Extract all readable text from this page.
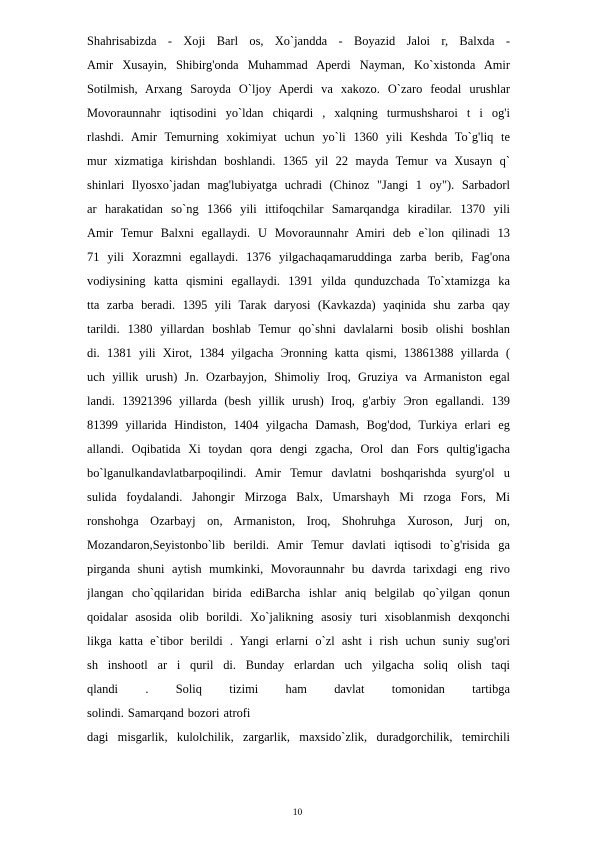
Shahrisabizda - Xoji Barl os, Xo`jandda - Boyazid Jaloi r, Balxda -
Amir Xusayin, Shibirg'onda Muhammad Aperdi Nayman, Ko`xistonda Amir
Sotilmish, Arxang Saroyda O`ljoy Aperdi va xakozo. O`zaro feodal urushlar
Movoraunnahr iqtisodini yo`ldan chiqardi , xalqning turmushsharoi t i og'i
rlashdi. Amir Temurning xokimiyat uchun yo`li 1360 yili Keshda To`g'liq te
mur xizmatiga kirishdan boshlandi. 1365 yil 22 mayda Temur va Xusayn q`
shinlari Ilyosxo`jadan mag'lubiyatga uchradi (Chinoz "Jangi 1 oy"). Sarbadorl
ar harakatidan so`ng 1366 yili ittifoqchilar Samarqandga kiradilar. 1370 yili
Amir Temur Balxni egallaydi. U Movoraunnahr Amiri deb e`lon qilinadi 13
71 yili Xorazmni egallaydi. 1376 yilgachaqamaruddinga zarba berib, Fag'ona
vodiysining katta qismini egallaydi. 1391 yilda qunduzchada To`xtamizga ka
tta zarba beradi. 1395 yili Tarak daryosi (Kavkazda) yaqinida shu zarba qay
tarildi. 1380 yillardan boshlab Temur qo`shni davlalarni bosib olishi boshlan
di. 1381 yili Xirot, 1384 yilgacha Эronning katta qismi, 13861388 yillarda (
uch yillik urush) Jn. Ozarbayjon, Shimoliy Iroq, Gruziya va Armaniston egal
landi. 13921396 yillarda (besh yillik urush) Iroq, g'arbiy Эron egallandi. 139
81399 yillarida Hindiston, 1404 yilgacha Damash, Bog'dod, Turkiya erlari eg
allandi. Oqibatida Xi toydan qora dengi zgacha, Orol dan Fors qultig'igacha
bo`lganulkandavlatbarpoqilindi. Amir Temur davlatni boshqarishda syurg'ol u
sulida foydalandi. Jahongir Mirzoga Balx, Umarshayh Mi rzoga Fors, Mi
ronshohga Ozarbayj on, Armaniston, Iroq, Shohruhga Xuroson, Jurj on,
Mozandaron,Seyistonbo`lib berildi. Amir Temur davlati iqtisodi to`g'risida ga
pirganda shuni aytish mumkinki, Movoraunnahr bu davrda tarixdagi eng rivo
jlangan cho`qqilaridan birida ediBarcha ishlar aniq belgilab qo`yilgan qonun
qoidalar asosida olib borildi. Xo`jalikning asosiy turi xisoblanmish dexqonchi
likga katta e`tibor berildi . Yangi erlarni o`zl asht i rish uchun suniy sug'ori
sh inshootl ar i quril di. Bunday erlardan uch yilgacha soliq olish taqi
qlandi . Soliq tizimi ham davlat tomonidan tartibga
solindi. Samarqand bozori atrofi
dagi misgarlik, kulolchilik, zargarlik, maxsido`zlik, duradgorchilik, temirchili
10
